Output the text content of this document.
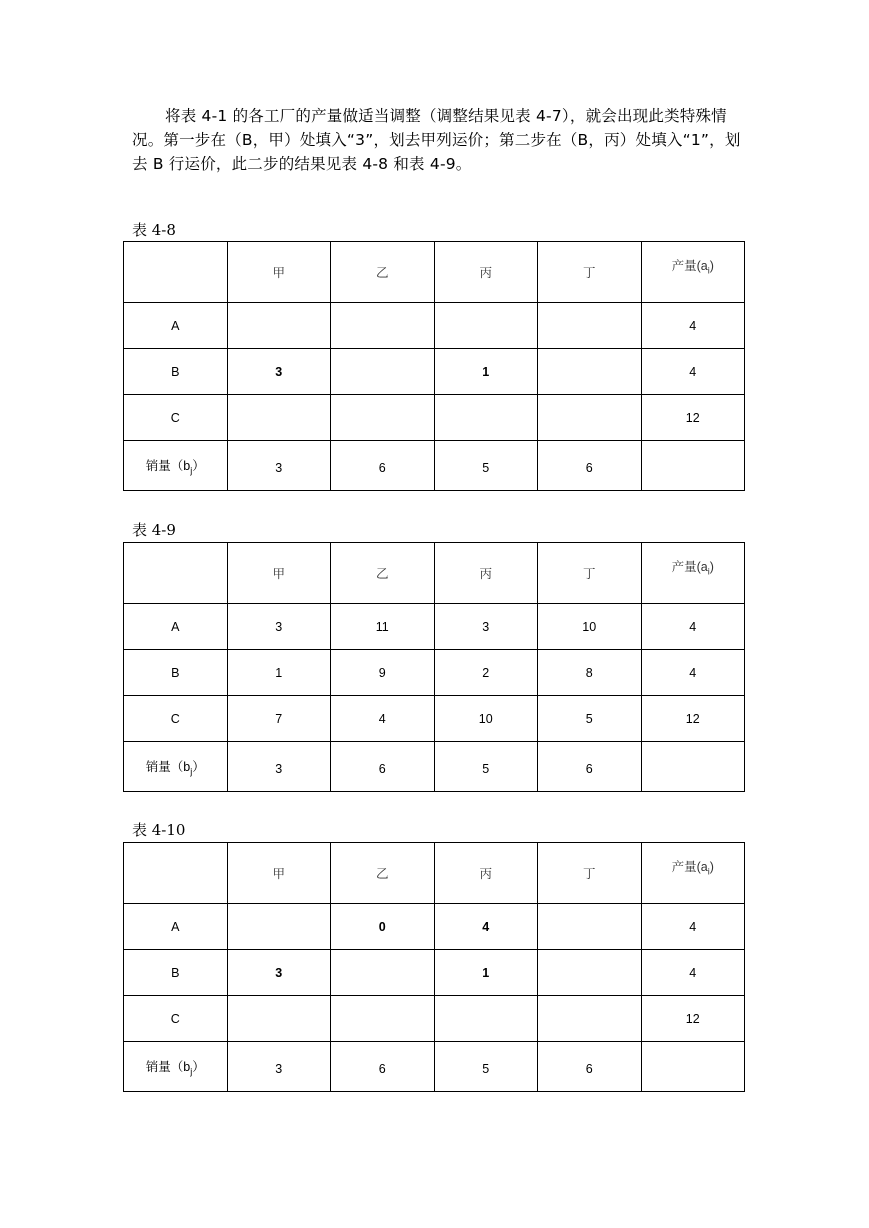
将表 4-1 的各工厂的产量做适当调整（调整结果见表 4-7），就会出现此类特殊情况。第一步在（B，甲）处填入“3”，划去甲列运价；第二步在（B，丙）处填入“1”，划去 B 行运价，此二步的结果见表 4-8 和表 4-9。
表 4-8
	甲	乙	丙	丁	产量$(a_i)$
A					4
B	3		1		4
C					12
销量$(b_j)$	3	6	5	6	
表 4-9
	甲	乙	丙	丁	产量$(a_i)$
A	3	11	3	10	4
B	1	9	2	8	4
C	7	4	10	5	12
销量$(b_j)$	3	6	5	6	
表 4-10
	甲	乙	丙	丁	产量$(a_i)$
A		0	4		4
B	3		1		4
C					12
销量$(b_j)$	3	6	5	6	
